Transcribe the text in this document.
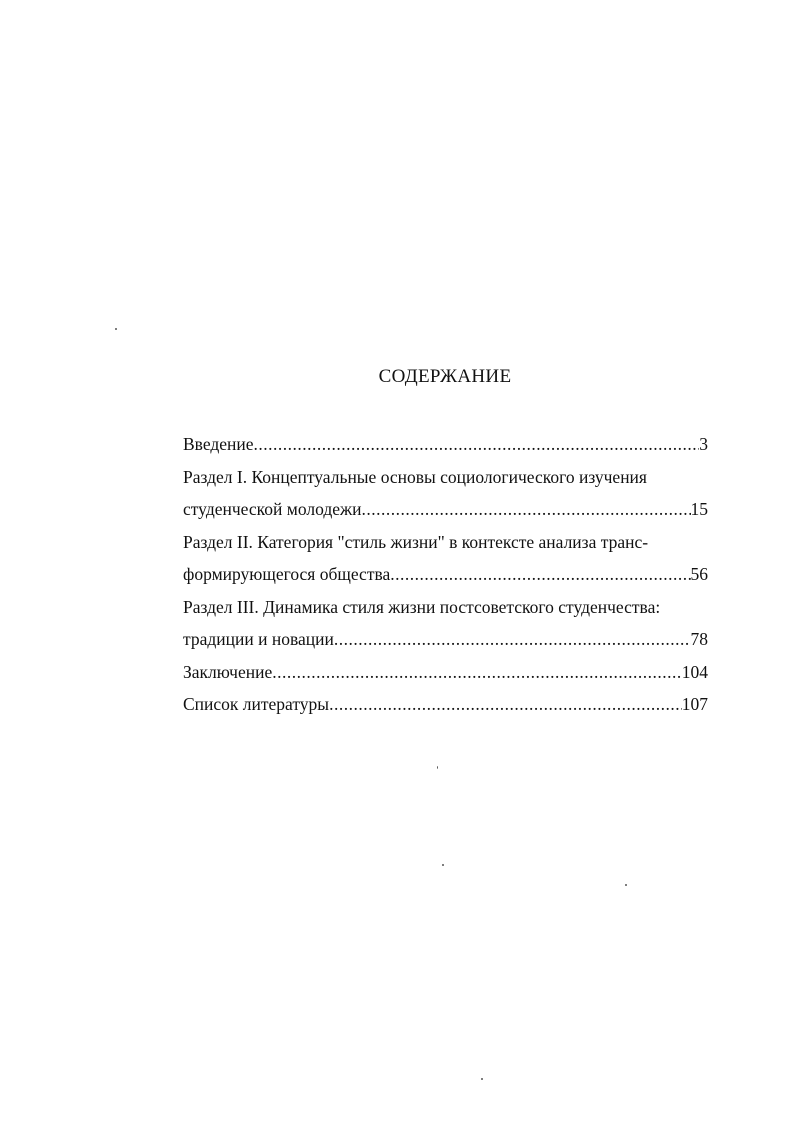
СОДЕРЖАНИЕ
Введение .....	3
Раздел I. Концептуальные основы социологического изучения
студенческой молодежи .....	15
Раздел II. Категория "стиль жизни" в контексте анализа транс-
формирующегося общества .....	56
Раздел III. Динамика стиля жизни постсоветского студенчества:
традиции и новации .....	78
Заключение .....	104
Список литературы .....	107
